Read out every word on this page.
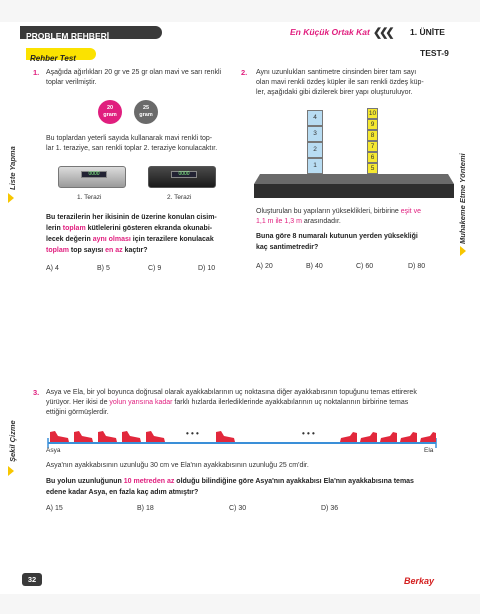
PROBLEM REHBERİ	En Küçük Ortak Kat ❮❮❮ 1. ÜNİTE
Rehber Test
TEST-9
Liste Yapma	Muhakeme Etme Yöntemi
Şekil Çizme
1. Aşağıda ağırlıkları 20 gr ve 25 gr olan mavi ve sarı renkli
toplar verilmiştir.
20
gram
25
gram
Bu toplardan yeterli sayıda kullanarak mavi renkli top-
lar 1. teraziye, sarı renkli toplar 2. teraziye konulacaktır.
0000	0000
1. Terazi	2. Terazi
Bu terazilerin her ikisinin de üzerine konulan cisim-
lerin toplam kütlelerini gösteren ekranda okunabi-
lecek değerin aynı olması için terazilere konulacak
toplam top sayısı en az kaçtır?
A) 4	B) 5	C) 9	D) 10
2. Aynı uzunlukları santimetre cinsinden birer tam sayı
olan mavi renkli özdeş küpler ile sarı renkli özdeş küp-
ler, aşağıdaki gibi dizilerek birer yapı oluşturuluyor.
4
3
2
1
10
9
8
7
6
5
Oluşturulan bu yapıların yükseklikleri, birbirine eşit ve
1,1 m ile 1,3 m arasındadır.
Buna göre 8 numaralı kutunun yerden yüksekliği
kaç santimetredir?
A) 20	B) 40	C) 60	D) 80
3. Asya ve Ela, bir yol boyunca doğrusal olarak ayakkabılarının uç noktasına diğer ayakkabısının topuğunu temas ettirerek
yürüyor. Her ikisi de yolun yarısına kadar farklı hızlarda ilerlediklerinde ayakkabılarının uç noktalarının birbirine temas
ettiğini görmüşlerdir.
• • •	• • •
Asya	Ela
Asya'nın ayakkabısının uzunluğu 30 cm ve Ela'nın ayakkabısının uzunluğu 25 cm'dir.
Bu yolun uzunluğunun 10 metreden az olduğu bilindiğine göre Asya'nın ayakkabısı Ela'nın ayakkabısına temas
edene kadar Asya, en fazla kaç adım atmıştır?
A) 15	B) 18	C) 30	D) 36
32	Berkay
